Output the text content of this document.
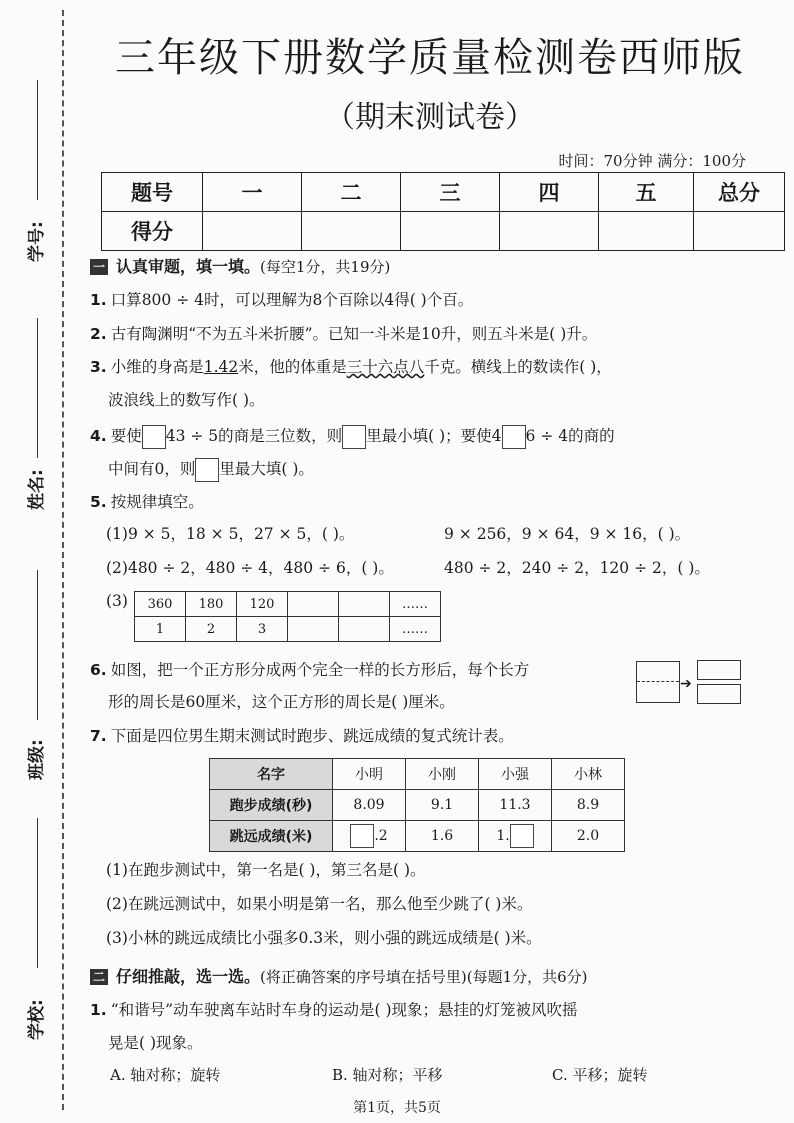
学号:
姓名:
班级:
学校:
三年级下册数学质量检测卷西师版
（期末测试卷）
时间：70分钟 满分：100分
题号	一	二	三	四	五	总分
得分						
一 认真审题，填一填。(每空1分，共19分)
1. 口算800 ÷ 4时，可以理解为8个百除以4得( )个百。
2. 古有陶渊明“不为五斗米折腰”。已知一斗米是10升，则五斗米是( )升。
3. 小维的身高是1.42米，他的体重是三十六点八千克。横线上的数读作( )，
波浪线上的数写作( )。
4. 要使 43 ÷ 5的商是三位数，则 里最小填( )；要使4 6 ÷ 4的商的
中间有0，则 里最大填( )。
5. 按规律填空。
(1)9 × 5，18 × 5，27 × 5，( )。	9 × 256，9 × 64，9 × 16，( )。
(2)480 ÷ 2，480 ÷ 4，480 ÷ 6，( )。	480 ÷ 2，240 ÷ 2，120 ÷ 2，( )。
(3) 360	180	120			……
1	2	3			……
6. 如图，把一个正方形分成两个完全一样的长方形后，每个长方
形的周长是60厘米，这个正方形的周长是( )厘米。
➔
7. 下面是四位男生期末测试时跑步、跳远成绩的复式统计表。
名字	小明	小刚	小强	小林
跑步成绩(秒)	8.09	9.1	11.3	8.9
跳远成绩(米)	.2	1.6	1.	2.0
(1)在跑步测试中，第一名是( )，第三名是( )。
(2)在跳远测试中，如果小明是第一名，那么他至少跳了( )米。
(3)小林的跳远成绩比小强多0.3米，则小强的跳远成绩是( )米。
二 仔细推敲，选一选。(将正确答案的序号填在括号里)(每题1分，共6分)
1. “和谐号”动车驶离车站时车身的运动是( )现象；悬挂的灯笼被风吹摇
晃是( )现象。
A. 轴对称；旋转	B. 轴对称；平移	C. 平移；旋转
第1页，共5页
